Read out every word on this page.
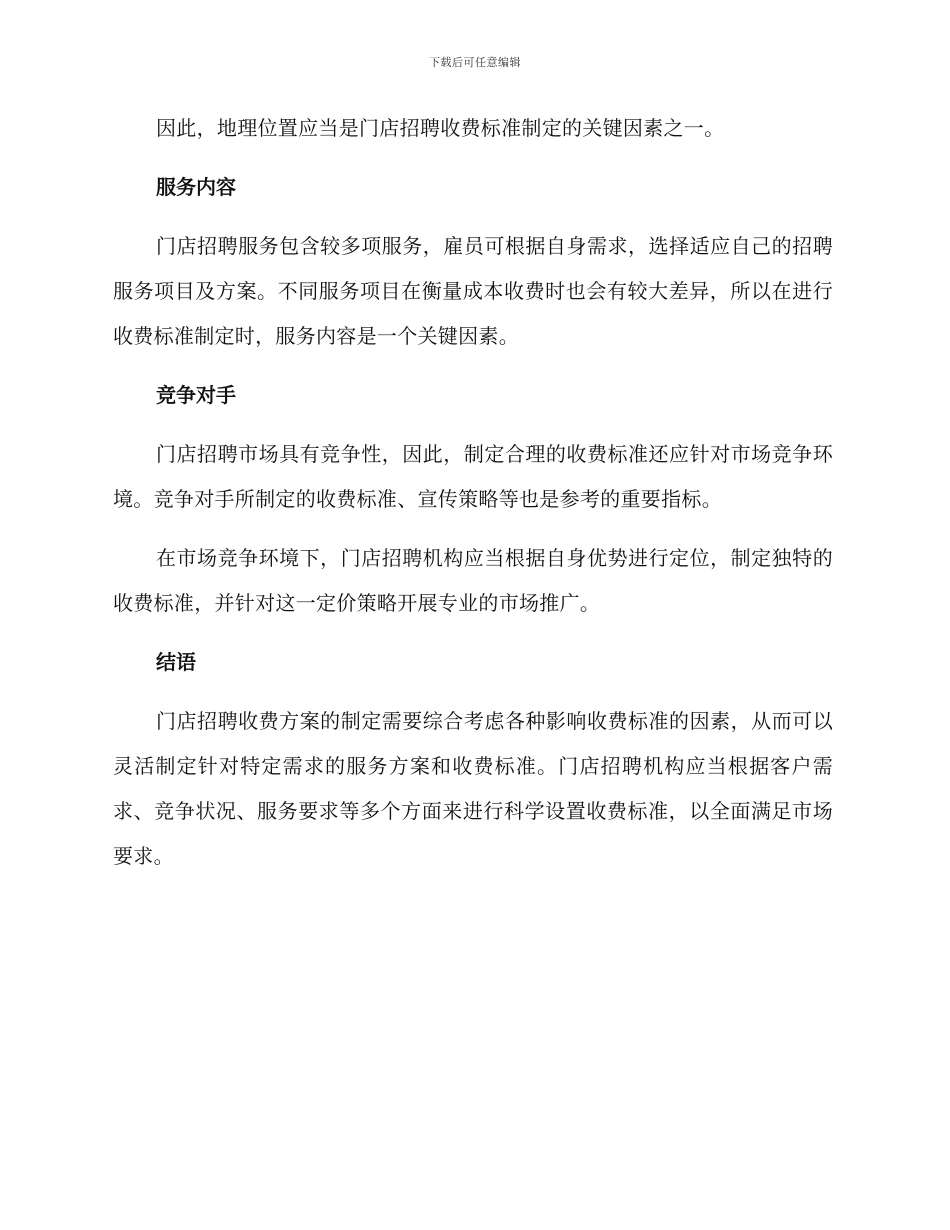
下载后可任意编辑

因此，地理位置应当是门店招聘收费标准制定的关键因素之一。

服务内容

门店招聘服务包含较多项服务，雇员可根据自身需求，选择适应自己的招聘服务项目及方案。不同服务项目在衡量成本收费时也会有较大差异，所以在进行收费标准制定时，服务内容是一个关键因素。

竞争对手

门店招聘市场具有竞争性，因此，制定合理的收费标准还应针对市场竞争环境。竞争对手所制定的收费标准、宣传策略等也是参考的重要指标。

在市场竞争环境下，门店招聘机构应当根据自身优势进行定位，制定独特的收费标准，并针对这一定价策略开展专业的市场推广。

结语

门店招聘收费方案的制定需要综合考虑各种影响收费标准的因素，从而可以灵活制定针对特定需求的服务方案和收费标准。门店招聘机构应当根据客户需求、竞争状况、服务要求等多个方面来进行科学设置收费标准，以全面满足市场要求。
